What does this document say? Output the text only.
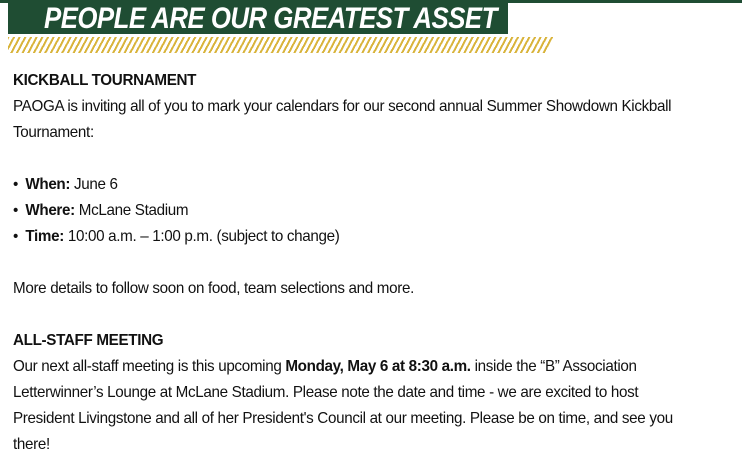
PEOPLE ARE OUR GREATEST ASSET
KICKBALL TOURNAMENT

PAOGA is inviting all of you to mark your calendars for our second annual Summer Showdown Kickball Tournament:

• When: June 6
• Where: McLane Stadium
• Time: 10:00 a.m. – 1:00 p.m. (subject to change)

More details to follow soon on food, team selections and more.

ALL-STAFF MEETING

Our next all-staff meeting is this upcoming Monday, May 6 at 8:30 a.m. inside the “B” Association Letterwinner’s Lounge at McLane Stadium. Please note the date and time - we are excited to host President Livingstone and all of her President's Council at our meeting. Please be on time, and see you there!
